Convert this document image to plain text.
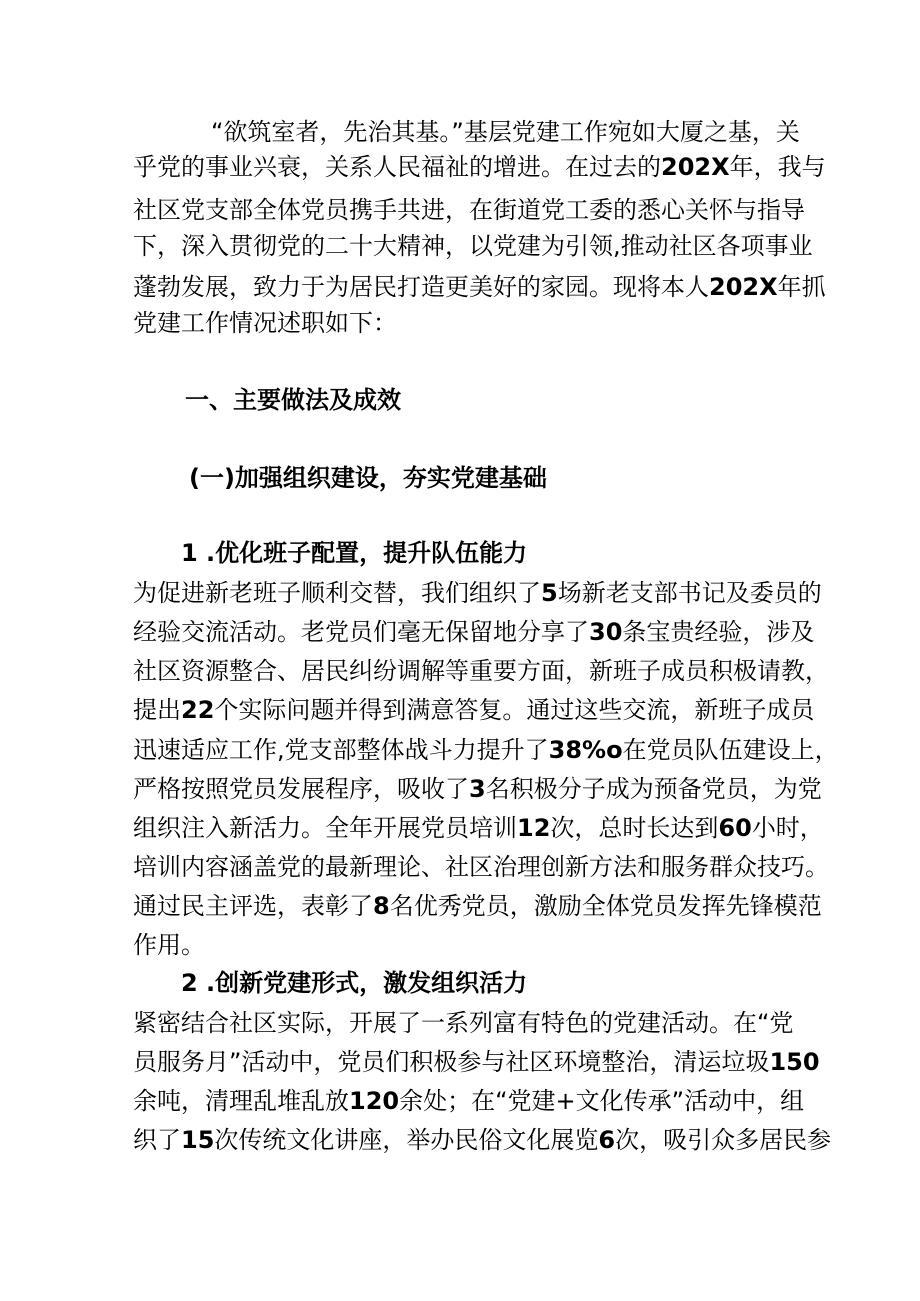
“欲筑室者，先治其基。”基层党建工作宛如大厦之基，关
乎党的事业兴衰，关系人民福祉的增进。在过去的202X年，我与
社区党支部全体党员携手共进，在街道党工委的悉心关怀与指导
下，深入贯彻党的二十大精神，以党建为引领,推动社区各项事业
蓬勃发展，致力于为居民打造更美好的家园。现将本人202X年抓
党建工作情况述职如下：
一、主要做法及成效
(一)加强组织建设，夯实党建基础
1 .优化班子配置，提升队伍能力
为促进新老班子顺利交替，我们组织了5场新老支部书记及委员的
经验交流活动。老党员们毫无保留地分享了30条宝贵经验，涉及
社区资源整合、居民纠纷调解等重要方面，新班子成员积极请教，
提出22个实际问题并得到满意答复。通过这些交流，新班子成员
迅速适应工作,党支部整体战斗力提升了38%o在党员队伍建设上，
严格按照党员发展程序，吸收了3名积极分子成为预备党员，为党
组织注入新活力。全年开展党员培训12次，总时长达到60小时，
培训内容涵盖党的最新理论、社区治理创新方法和服务群众技巧。
通过民主评选，表彰了8名优秀党员，激励全体党员发挥先锋模范
作用。
2 .创新党建形式，激发组织活力
紧密结合社区实际，开展了一系列富有特色的党建活动。在“党
员服务月”活动中，党员们积极参与社区环境整治，清运垃圾150
余吨，清理乱堆乱放120余处；在“党建+文化传承”活动中，组
织了15次传统文化讲座，举办民俗文化展览6次，吸引众多居民参
